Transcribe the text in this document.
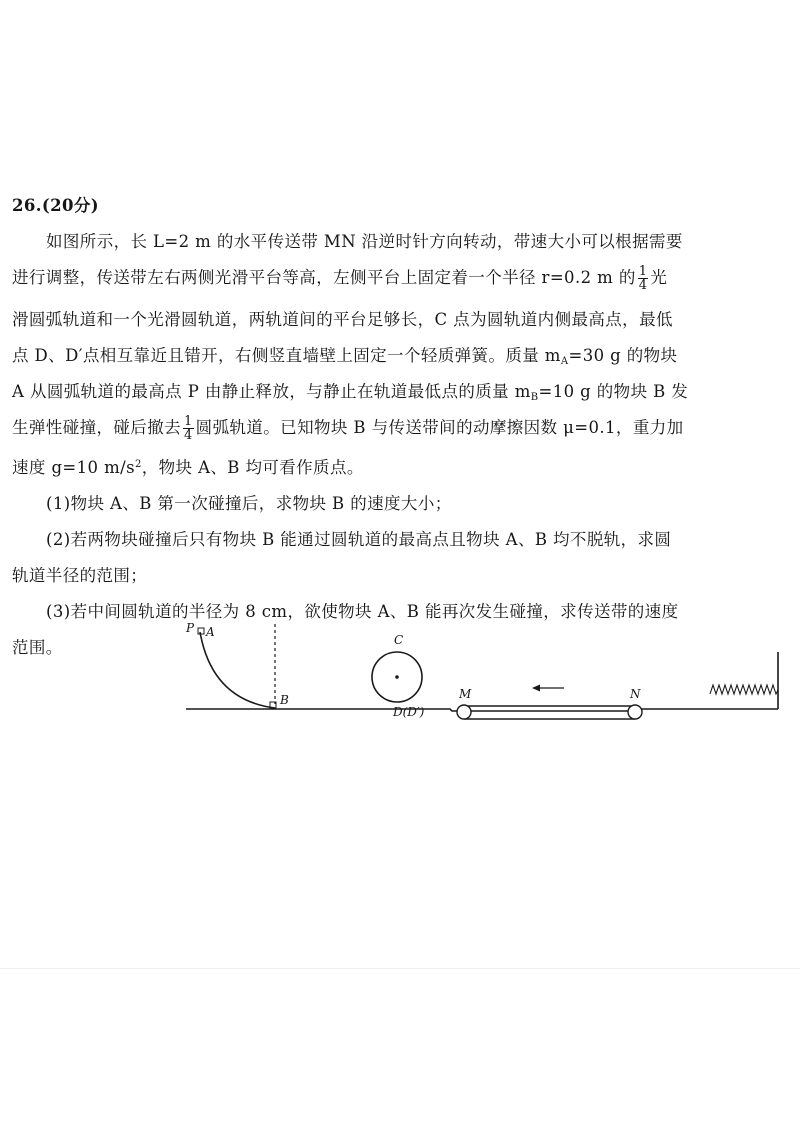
26.(20分)
如图所示，长 L=2 m 的水平传送带 MN 沿逆时针方向转动，带速大小可以根据需要
进行调整，传送带左右两侧光滑平台等高，左侧平台上固定着一个半径 r=0.2 m 的 $\frac{1}{4}$ 光
滑圆弧轨道和一个光滑圆轨道，两轨道间的平台足够长，C 点为圆轨道内侧最高点，最低
点 D、D′点相互靠近且错开，右侧竖直墙壁上固定一个轻质弹簧。质量 $m_A=30$ g 的物块
A 从圆弧轨道的最高点 P 由静止释放，与静止在轨道最低点的质量 $m_B=10$ g 的物块 B 发
生弹性碰撞，碰后撤去 $\frac{1}{4}$ 圆弧轨道。已知物块 B 与传送带间的动摩擦因数 μ=0.1，重力加
速度 g=10 $m/s^2$，物块 A、B 均可看作质点。
(1)物块 A、B 第一次碰撞后，求物块 B 的速度大小；
(2)若两物块碰撞后只有物块 B 能通过圆轨道的最高点且物块 A、B 均不脱轨，求圆
轨道半径的范围；
(3)若中间圆轨道的半径为 8 cm，欲使物块 A、B 能再次发生碰撞，求传送带的速度
范围。
P A
B
C
D(D′)
M	N
